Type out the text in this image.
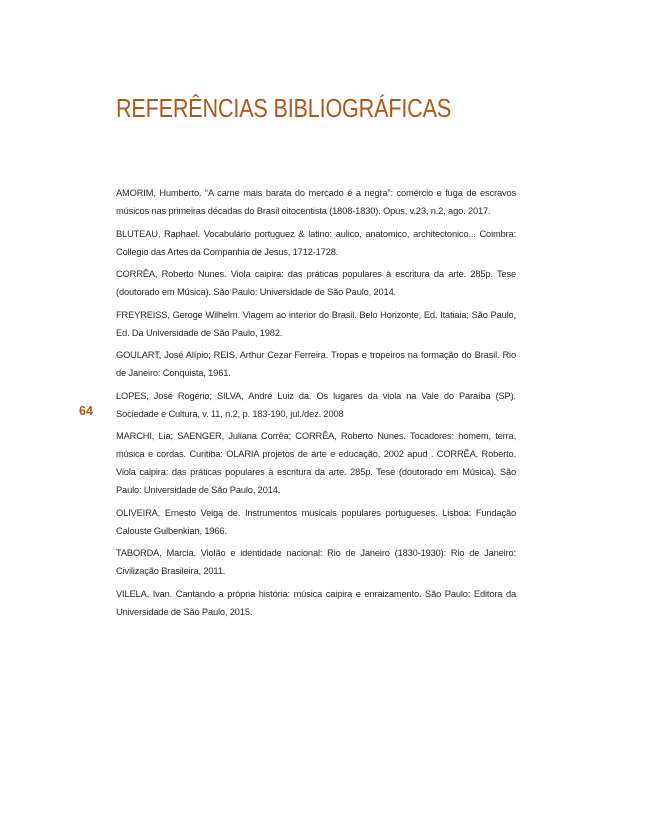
REFERÊNCIAS BIBLIOGRÁFICAS
64
AMORIM, Humberto. “A carne mais barata do mercado é a negra”: comércio e fuga de escravos músicos nas primeiras décadas do Brasil oitocentista (1808-1830). Opus, v.23, n.2, ago. 2017.
BLUTEAU, Raphael. Vocabulário portuguez & latino: aulico, anatomico, architectonico... Coimbra: Collegio das Artes da Companhia de Jesus, 1712-1728.
CORRÊA, Roberto Nunes. Viola caipira: das práticas populares à escritura da arte. 285p. Tese (doutorado em Música). São Paulo: Universidade de São Paulo, 2014.
FREYREISS, Geroge Wilhelm. Viagem ao interior do Brasil. Belo Horizonte, Ed. Itatiaia; São Paulo, Ed. Da Universidade de São Paulo, 1982.
GOULART, José Alípio; REIS, Arthur Cezar Ferreira. Tropas e tropeiros na formação do Brasil. Rio de Janeiro: Conquista, 1961.
LOPES, José Rogério; SILVA, André Luiz da. Os lugares da viola na Vale do Paraíba (SP). Sociedade e Cultura, v. 11, n.2, p. 183-190, jul./dez. 2008
MARCHI, Lia; SAENGER, Juliana Corrêa; CORRÊA, Roberto Nunes. Tocadores: homem, terra, música e cordas. Curitiba: OLARIA projetos de arte e educação, 2002 apud . CORRÊA, Roberto. Viola caipira: das práticas populares à escritura da arte. 285p. Tese (doutorado em Música). São Paulo: Universidade de São Paulo, 2014.
OLIVEIRA, Ernesto Veiga de. Instrumentos musicais populares portugueses. Lisboa: Fundação Calouste Gulbenkian, 1966.
TABORDA, Marcia. Violão e identidade nacional: Rio de Janeiro (1830-1930): Rio de Janeiro: Civilização Brasileira, 2011.
VILELA, Ivan. Cantando a própria história: música caipira e enraizamento. São Paulo: Editora da Universidade de São Paulo, 2015.
